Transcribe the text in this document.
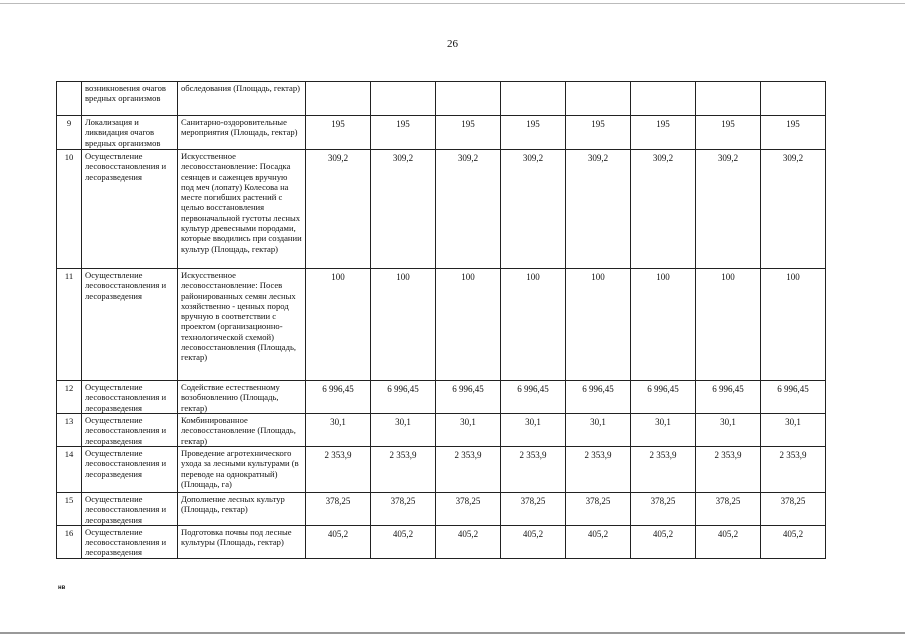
26
	возникновения очагов вредных организмов	обследования (Площадь, гектар)								
9	Локализация и ликвидация очагов вредных организмов	Санитарно-оздоровительные мероприятия (Площадь, гектар)	195	195	195	195	195	195	195	195
10	Осуществление лесовосстановления и лесоразведения	Искусственное лесовосстановление: Посадка сеянцев и саженцев вручную под меч (лопату) Колесова на месте погибших растений с целью восстановления первоначальной густоты лесных культур древесными породами, которые вводились при создании культур (Площадь, гектар)	309,2	309,2	309,2	309,2	309,2	309,2	309,2	309,2
11	Осуществление лесовосстановления и лесоразведения	Искусственное лесовосстановление: Посев районированных семян лесных хозяйственно - ценных пород вручную в соответствии с проектом (организационно-технологической схемой) лесовосстановления (Площадь, гектар)	100	100	100	100	100	100	100	100
12	Осуществление лесовосстановления и лесоразведения	Содействие естественному возобновлению (Площадь, гектар)	6 996,45	6 996,45	6 996,45	6 996,45	6 996,45	6 996,45	6 996,45	6 996,45
13	Осуществление лесовосстановления и лесоразведения	Комбинированное лесовосстановление (Площадь, гектар)	30,1	30,1	30,1	30,1	30,1	30,1	30,1	30,1
14	Осуществление лесовосстановления и лесоразведения	Проведение агротехнического ухода за лесными культурами (в переводе на однократный) (Площадь, га)	2 353,9	2 353,9	2 353,9	2 353,9	2 353,9	2 353,9	2 353,9	2 353,9
15	Осуществление лесовосстановления и лесоразведения	Дополнение лесных культур (Площадь, гектар)	378,25	378,25	378,25	378,25	378,25	378,25	378,25	378,25
16	Осуществление лесовосстановления и лесоразведения	Подготовка почвы под лесные культуры (Площадь, гектар)	405,2	405,2	405,2	405,2	405,2	405,2	405,2	405,2
нв
